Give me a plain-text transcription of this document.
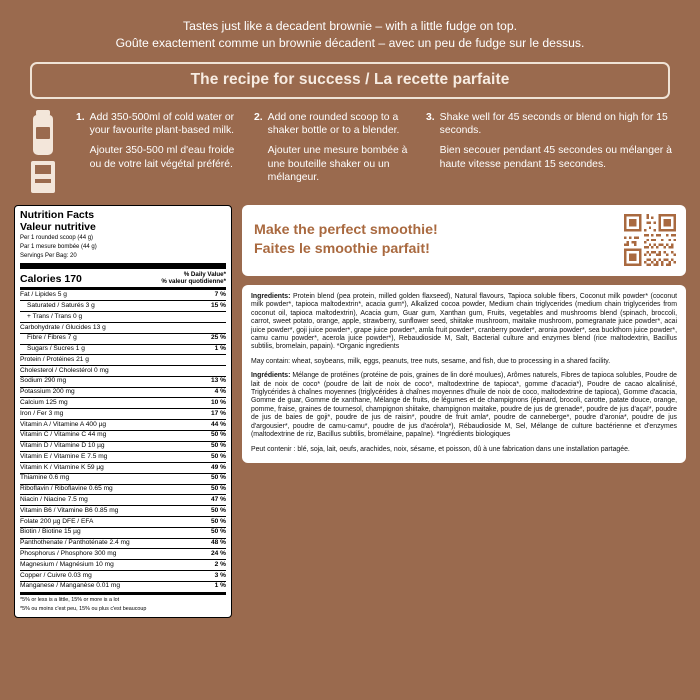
Tastes just like a decadent brownie – with a little fudge on top.
Goûte exactement comme un brownie décadent – avec un peu de fudge sur le dessus.
The recipe for success / La recette parfaite
1. Add 350-500ml of cold water or your favourite plant-based milk.

Ajouter 350-500 ml d'eau froide ou de votre lait végétal préféré.

2. Add one rounded scoop to a shaker bottle or to a blender.

Ajouter une mesure bombée à une bouteille shaker ou un mélangeur.

3. Shake well for 45 seconds or blend on high for 15 seconds.

Bien secouer pendant 45 secondes ou mélanger à haute vitesse pendant 15 secondes.

Nutrition Facts
Valeur nutritive
Per 1 rounded scoop (44 g)
Par 1 mesure bombée (44 g)
Servings Per Bag: 20
Calories 170	% Daily Value*
% valeur quotidienne*
Fat / Lipides 5 g	7 %
Saturated / Saturés 3 g	15 %
+ Trans / Trans 0 g
Carbohydrate / Glucides 13 g
Fibre / Fibres 7 g	25 %
Sugars / Sucres 1 g	1 %
Protein / Protéines 21 g
Cholesterol / Cholestérol 0 mg
Sodium 290 mg	13 %
Potassium 200 mg	4 %
Calcium 125 mg	10 %
Iron / Fer 3 mg	17 %
Vitamin A / Vitamine A 400 µg	44 %
Vitamin C / Vitamine C 44 mg	50 %
Vitamin D / Vitamine D 10 µg	50 %
Vitamin E / Vitamine E 7.5 mg	50 %
Vitamin K / Vitamine K 59 µg	49 %
Thiamine 0.6 mg	50 %
Riboflavin / Riboflavine 0.65 mg	50 %
Niacin / Niacine 7.5 mg	47 %
Vitamin B6 / Vitamine B6 0.85 mg	50 %
Folate 200 µg DFE / EFA	50 %
Biotin / Biotine 15 µg	50 %
Panthothenate / Panthoténate 2.4 mg	48 %
Phosphorus / Phosphore 300 mg	24 %
Magnesium / Magnésium 10 mg	2 %
Copper / Cuivre 0.03 mg	3 %
Manganese / Manganèse 0.01 mg	1 %
*5% or less is a little, 15% or more is a lot
*5% ou moins c'est peu, 15% ou plus c'est beaucoup
Make the perfect smoothie!
Faites le smoothie parfait!

Ingredients: Protein blend (pea protein, milled golden flaxseed), Natural flavours, Tapioca soluble fibers, Coconut milk powder* (coconut milk powder*, tapioca maltodextrin*, acacia gum*), Alkalized cocoa powder, Medium chain triglycerides (medium chain triglycerides from coconut oil, tapioca maltodextrin), Acacia gum, Guar gum, Xanthan gum, Fruits, vegetables and mushrooms blend (spinach, broccoli, carrot, sweet potato, orange, apple, strawberry, sunflower seed, shiitake mushroom, maitake mushroom, pomegranate juice powder*, acai juice powder*, goji juice powder*, grape juice powder*, amla fruit powder*, cranberry powder*, aronia powder*, sea buckthorn juice powder*, camu camu powder*, acerola juice powder*), Rebaudioside M, Salt, Bacterial culture and enzymes blend (rice maltodextrin, Bacillus subtilis, bromelain, papain). *Organic ingredients

May contain: wheat, soybeans, milk, eggs, peanuts, tree nuts, sesame, and fish, due to processing in a shared facility.

Ingrédients: Mélange de protéines (protéine de pois, graines de lin doré moulues), Arômes naturels, Fibres de tapioca solubles, Poudre de lait de noix de coco* (poudre de lait de noix de coco*, maltodextrine de tapioca*, gomme d'acacia*), Poudre de cacao alcalinisé, Triglycérides à chaînes moyennes (triglycérides à chaînes moyennes d'huile de noix de coco, maltodextrine de tapioca), Gomme d'acacia, Gomme de guar, Gomme de xanthane, Mélange de fruits, de légumes et de champignons (épinard, brocoli, carotte, patate douce, orange, pomme, fraise, graines de tournesol, champignon shiitake, champignon maitake, poudre de jus de grenade*, poudre de jus d'açaï*, poudre de jus de baies de goji*, poudre de jus de raisin*, poudre de fruit amla*, poudre de canneberge*, poudre d'aronia*, poudre de jus d'argousier*, poudre de camu-camu*, poudre de jus d'acérola*), Rébaudioside M, Sel, Mélange de culture bactérienne et d'enzymes (maltodextrine de riz, Bacillus subtilis, bromélaine, papaïne). *Ingrédients biologiques

Peut contenir : blé, soja, lait, oeufs, arachides, noix, sésame, et poisson, dû à une fabrication dans une installation partagée.
